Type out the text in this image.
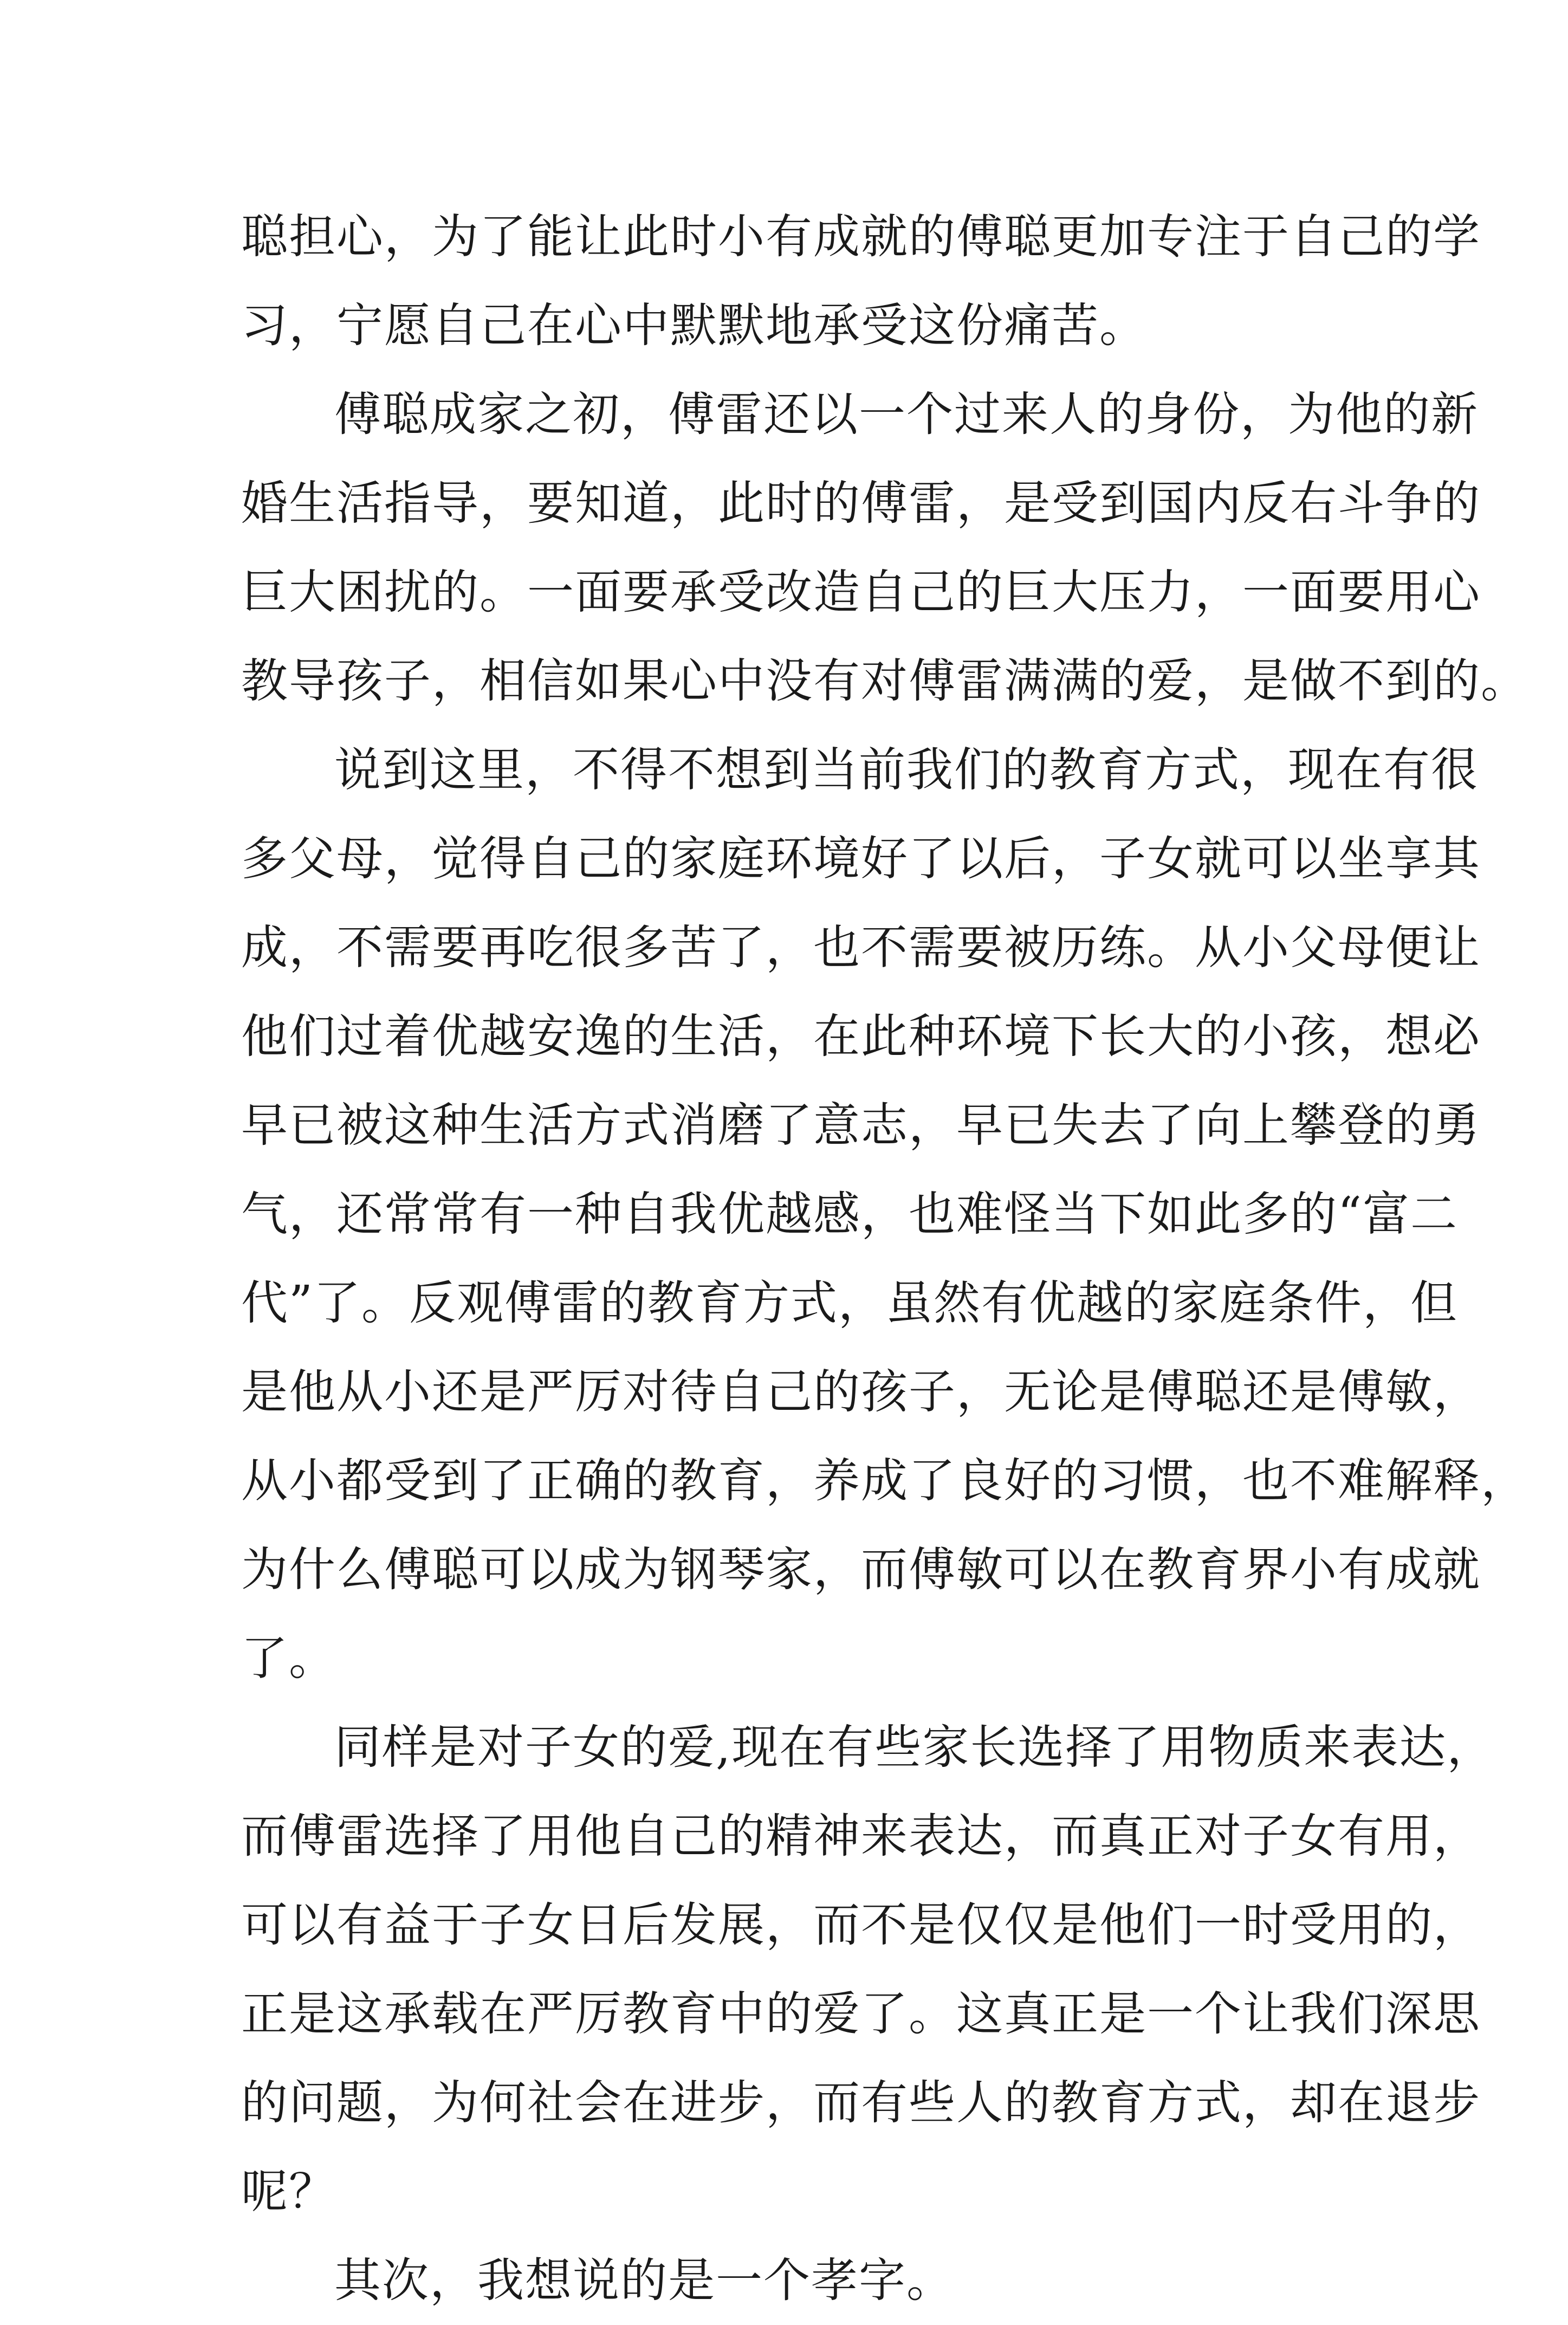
聪担心，为了能让此时小有成就的傅聪更加专注于自己的学
习，宁愿自己在心中默默地承受这份痛苦。
傅聪成家之初，傅雷还以一个过来人的身份，为他的新
婚生活指导，要知道，此时的傅雷，是受到国内反右斗争的
巨大困扰的。一面要承受改造自己的巨大压力，一面要用心
教导孩子，相信如果心中没有对傅雷满满的爱，是做不到的。
说到这里，不得不想到当前我们的教育方式，现在有很
多父母，觉得自己的家庭环境好了以后，子女就可以坐享其
成，不需要再吃很多苦了，也不需要被历练。从小父母便让
他们过着优越安逸的生活，在此种环境下长大的小孩，想必
早已被这种生活方式消磨了意志，早已失去了向上攀登的勇
气，还常常有一种自我优越感，也难怪当下如此多的“富二
代”了。反观傅雷的教育方式，虽然有优越的家庭条件，但
是他从小还是严厉对待自己的孩子，无论是傅聪还是傅敏，
从小都受到了正确的教育，养成了良好的习惯，也不难解释，
为什么傅聪可以成为钢琴家，而傅敏可以在教育界小有成就
了。
同样是对子女的爱,现在有些家长选择了用物质来表达，
而傅雷选择了用他自己的精神来表达，而真正对子女有用，
可以有益于子女日后发展，而不是仅仅是他们一时受用的，
正是这承载在严厉教育中的爱了。这真正是一个让我们深思
的问题，为何社会在进步，而有些人的教育方式，却在退步
呢？
其次，我想说的是一个孝字。
